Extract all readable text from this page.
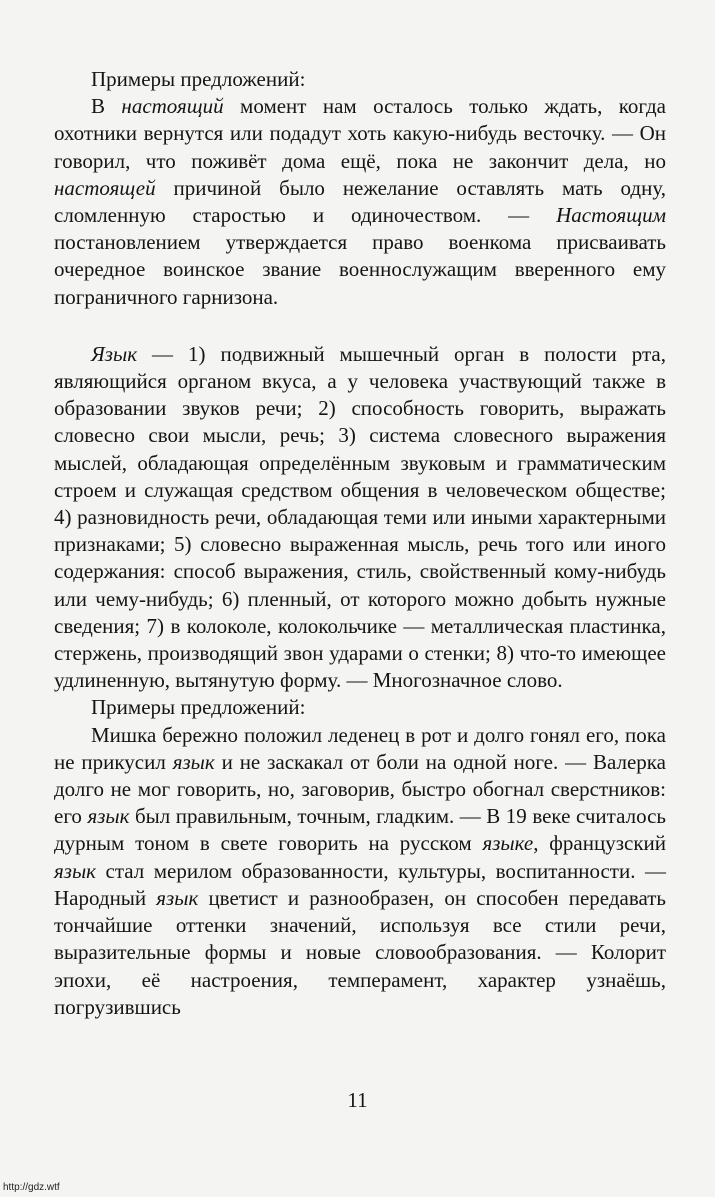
Примеры предложений:
В настоящий момент нам осталось только ждать, когда охотники вернутся или подадут хоть какую-нибудь весточку. — Он говорил, что поживёт дома ещё, пока не закончит дела, но настоящей причиной было нежелание оставлять мать одну, сломленную старостью и одиночеством. — Настоящим постановлением утверждается право военкома присваивать очередное воинское звание военнослужащим вверенного ему пограничного гарнизона.
Язык — 1) подвижный мышечный орган в полости рта, являющийся органом вкуса, а у человека участвующий также в образовании звуков речи; 2) способность говорить, выражать словесно свои мысли, речь; 3) система словесного выражения мыслей, обладающая определённым звуковым и грамматическим строем и служащая средством общения в человеческом обществе; 4) разновидность речи, обладающая теми или иными характерными признаками; 5) словесно выраженная мысль, речь того или иного содержания: способ выражения, стиль, свойственный кому-нибудь или чему-нибудь; 6) пленный, от которого можно добыть нужные сведения; 7) в колоколе, колокольчике — металлическая пластинка, стержень, производящий звон ударами о стенки; 8) что-то имеющее удлиненную, вытянутую форму. — Многозначное слово.
Примеры предложений:
Мишка бережно положил леденец в рот и долго гонял его, пока не прикусил язык и не заскакал от боли на одной ноге. — Валерка долго не мог говорить, но, заговорив, быстро обогнал сверстников: его язык был правильным, точным, гладким. — В 19 веке считалось дурным тоном в свете говорить на русском языке, французский язык стал мерилом образованности, культуры, воспитанности. — Народный язык цветист и разнообразен, он способен передавать тончайшие оттенки значений, используя все стили речи, выразительные формы и новые словообразования. — Колорит эпохи, её настроения, темперамент, характер узнаёшь, погрузившись
11
http://gdz.wtf
